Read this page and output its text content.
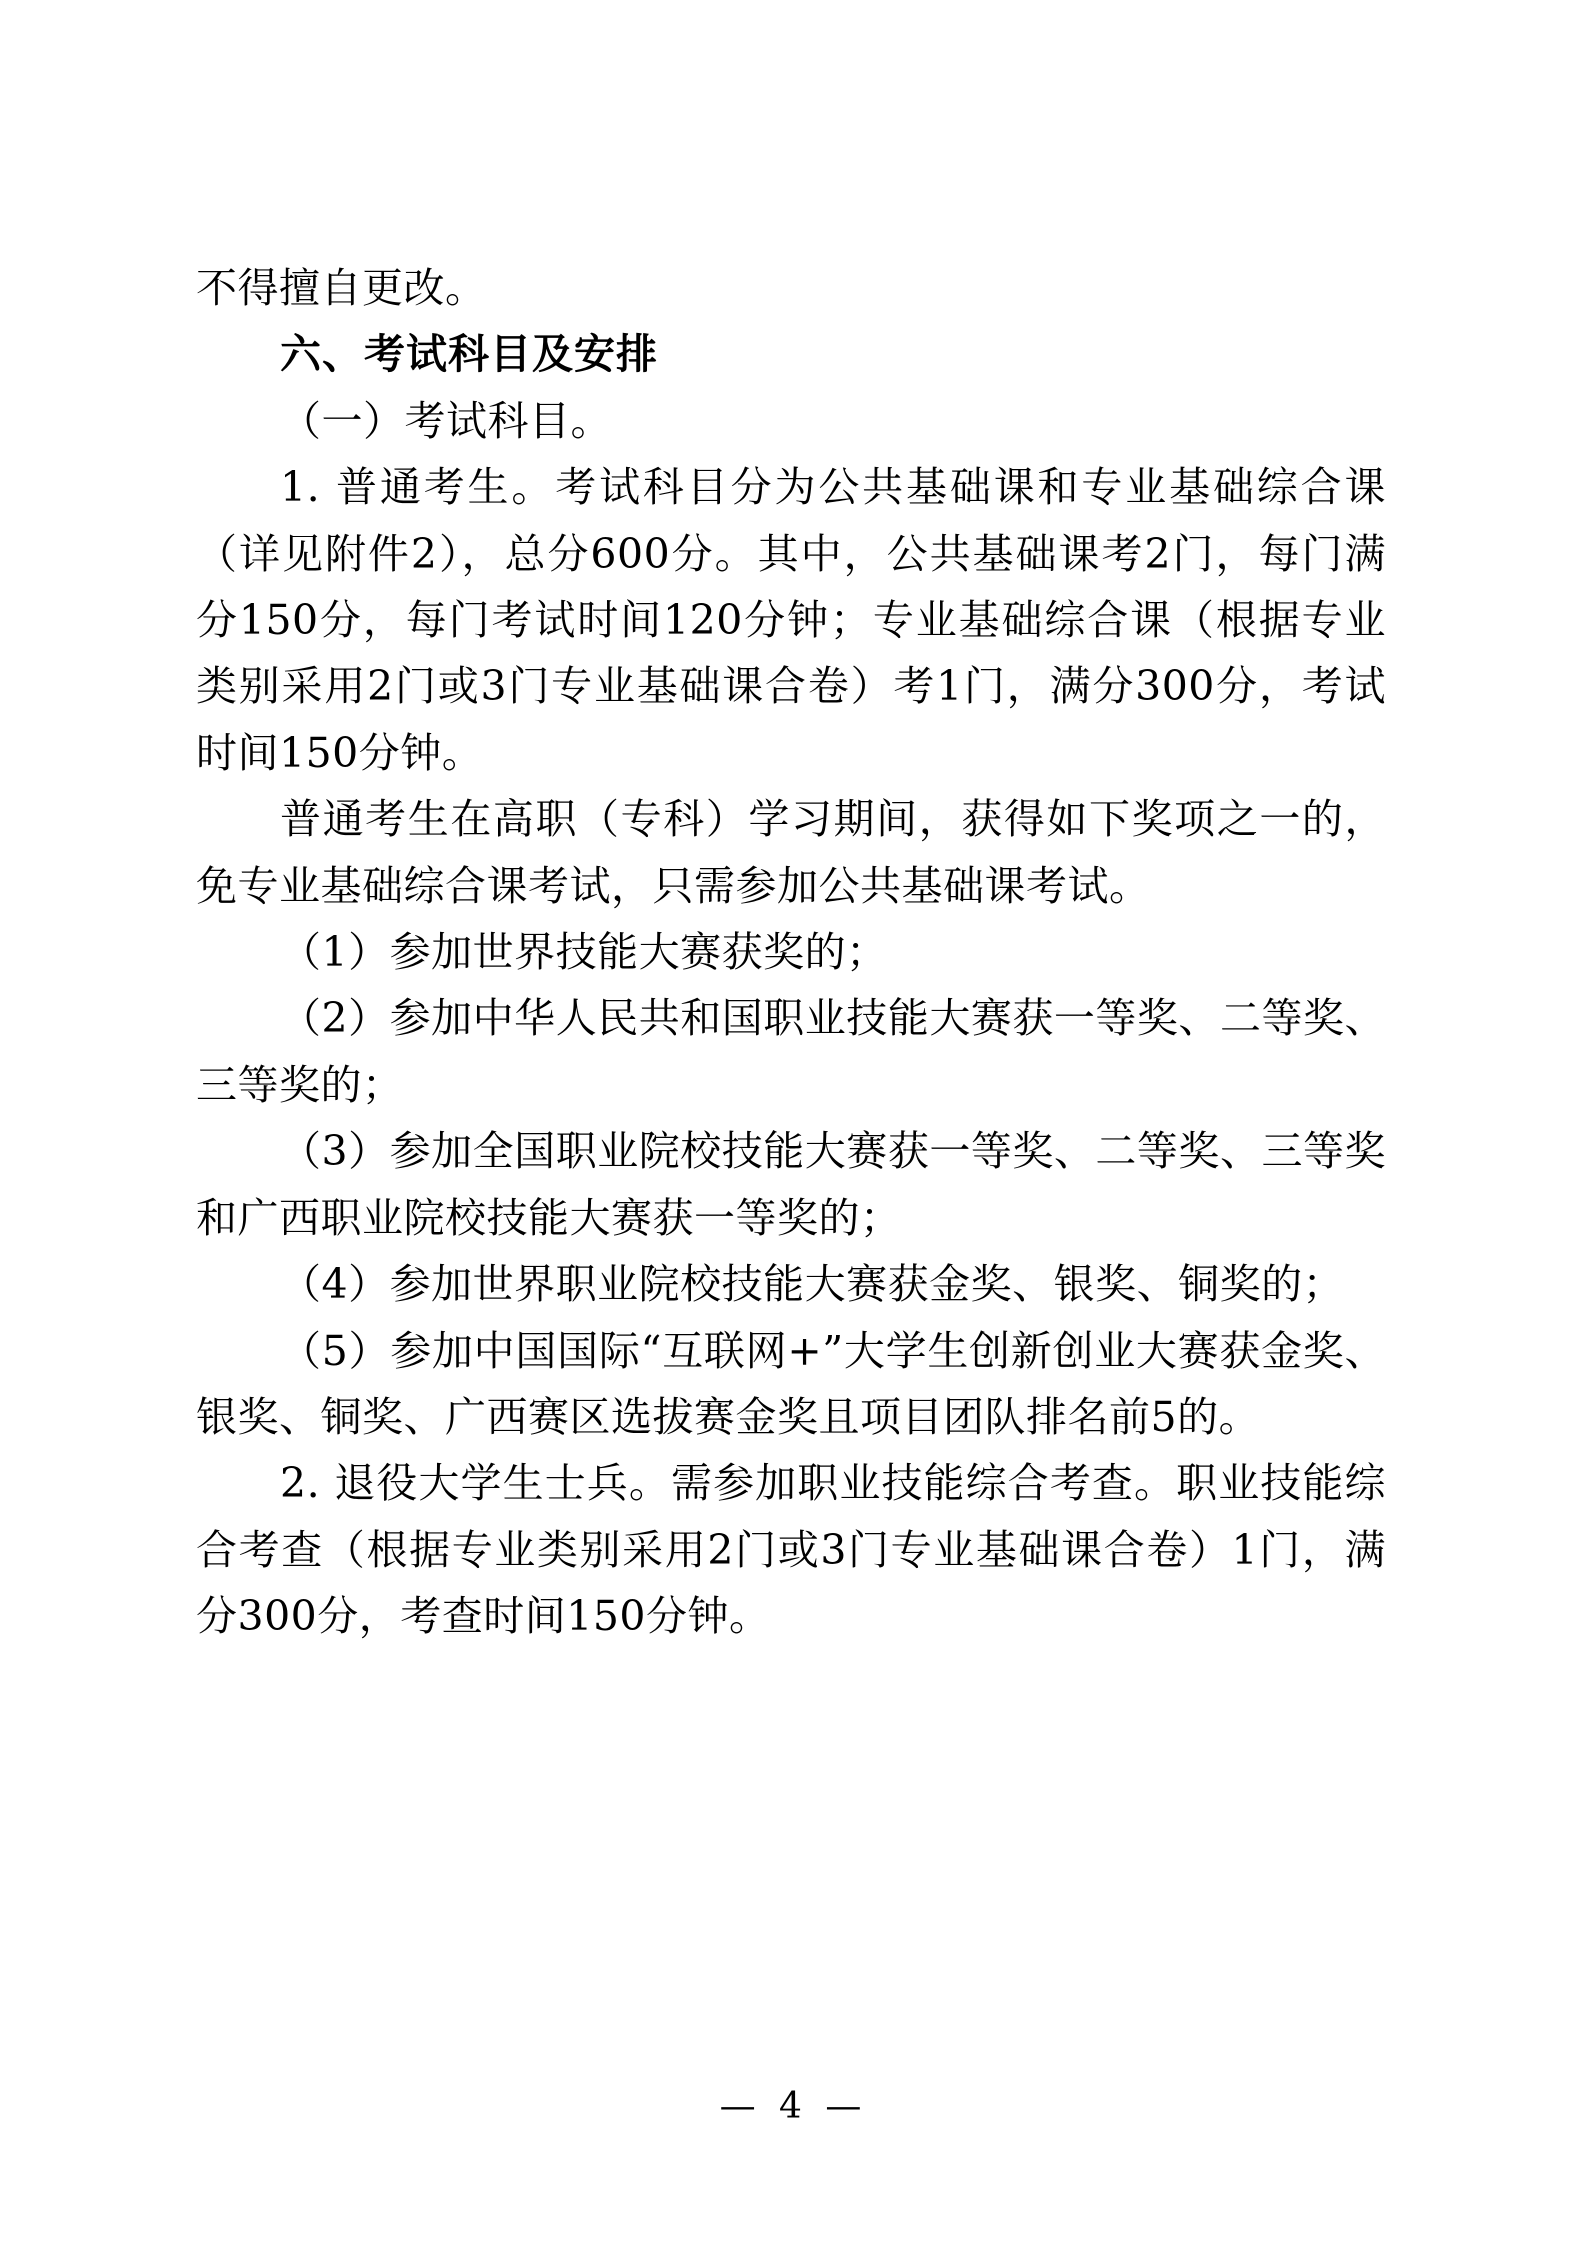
不得擅自更改。

六、考试科目及安排

（一）考试科目。

1. 普通考生。考试科目分为公共基础课和专业基础综合课（详见附件2），总分600分。其中，公共基础课考2门，每门满分150分，每门考试时间120分钟；专业基础综合课（根据专业类别采用2门或3门专业基础课合卷）考1门，满分300分，考试时间150分钟。

普通考生在高职（专科）学习期间，获得如下奖项之一的，免专业基础综合课考试，只需参加公共基础课考试。

（1）参加世界技能大赛获奖的；

（2）参加中华人民共和国职业技能大赛获一等奖、二等奖、三等奖的；

（3）参加全国职业院校技能大赛获一等奖、二等奖、三等奖和广西职业院校技能大赛获一等奖的；

（4）参加世界职业院校技能大赛获金奖、银奖、铜奖的；

（5）参加中国国际“互联网+”大学生创新创业大赛获金奖、银奖、铜奖、广西赛区选拔赛金奖且项目团队排名前5的。

2. 退役大学生士兵。需参加职业技能综合考查。职业技能综合考查（根据专业类别采用2门或3门专业基础课合卷）1门，满分300分，考查时间150分钟。

— 4 —
